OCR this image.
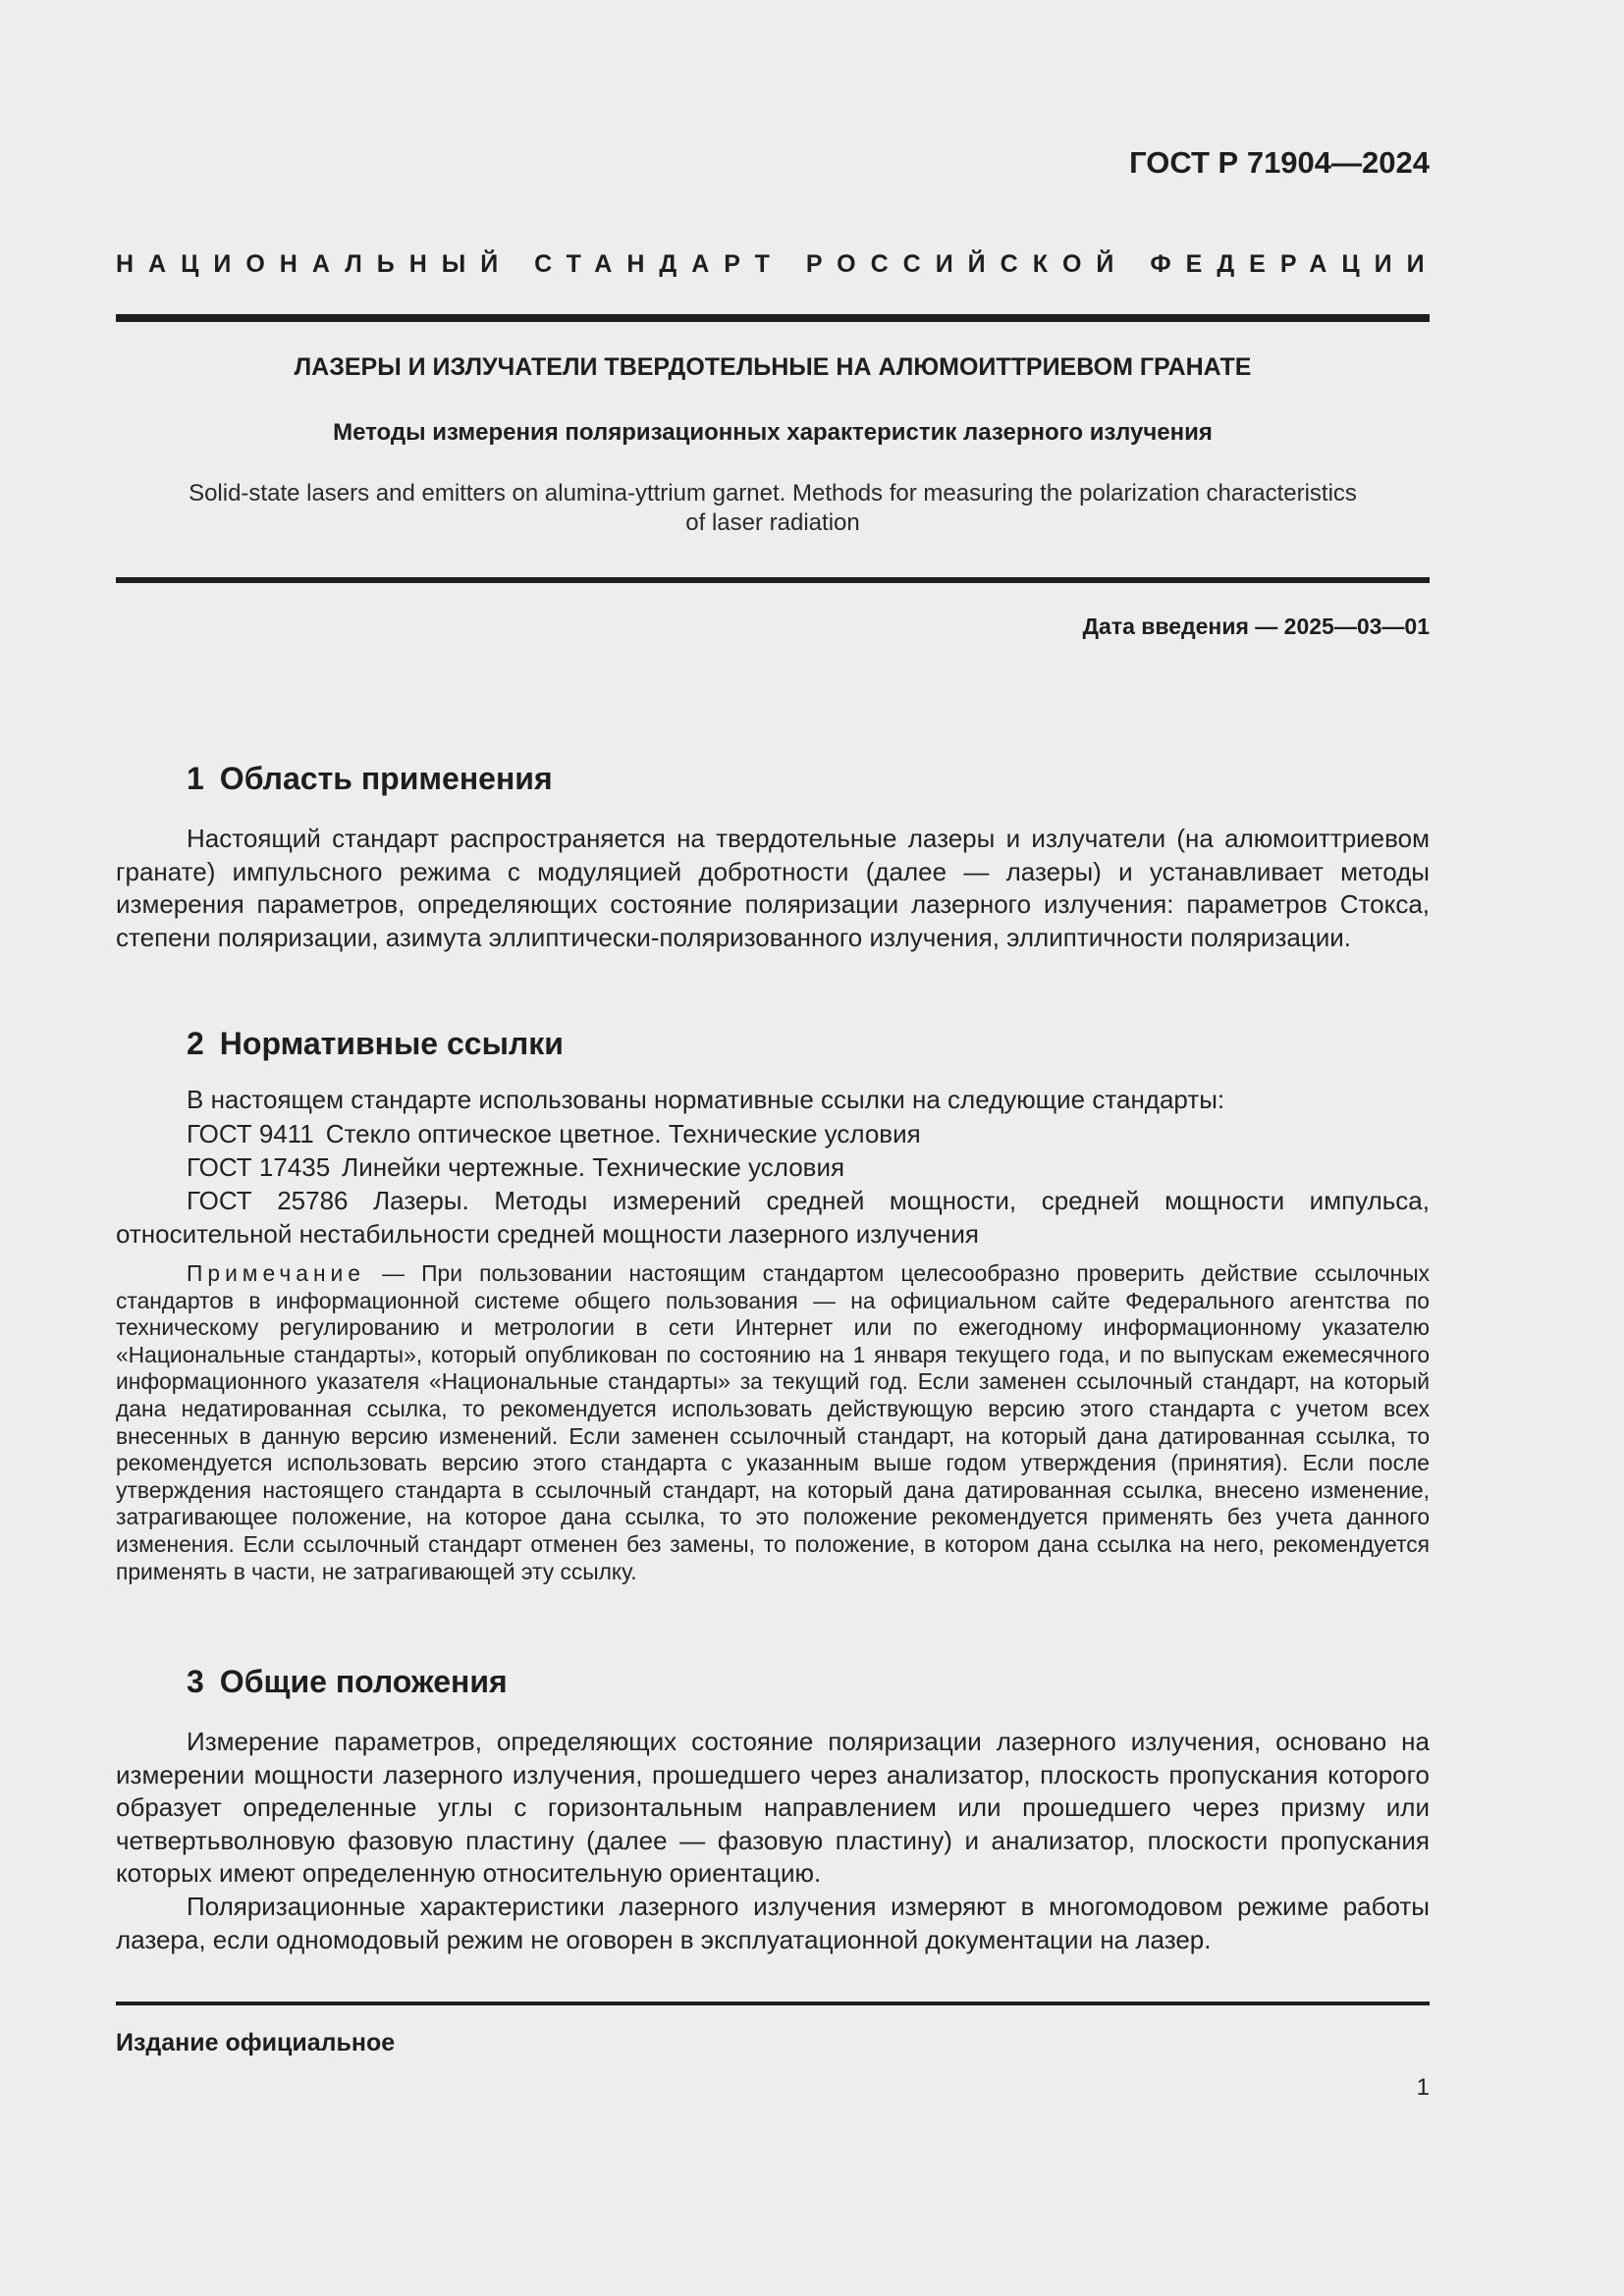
ГОСТ Р 71904—2024
НАЦИОНАЛЬНЫЙ СТАНДАРТ РОССИЙСКОЙ ФЕДЕРАЦИИ
ЛАЗЕРЫ И ИЗЛУЧАТЕЛИ ТВЕРДОТЕЛЬНЫЕ НА АЛЮМОИТТРИЕВОМ ГРАНАТЕ
Методы измерения поляризационных характеристик лазерного излучения
Solid-state lasers and emitters on alumina-yttrium garnet. Methods for measuring the polarization characteristics
of laser radiation
Дата введения — 2025—03—01
1 Область применения

Настоящий стандарт распространяется на твердотельные лазеры и излучатели (на алюмоиттриевом гранате) импульсного режима с модуляцией добротности (далее — лазеры) и устанавливает методы измерения параметров, определяющих состояние поляризации лазерного излучения: параметров Стокса, степени поляризации, азимута эллиптически-поляризованного излучения, эллиптичности поляризации.

2 Нормативные ссылки

В настоящем стандарте использованы нормативные ссылки на следующие стандарты:

ГОСТ 9411 Стекло оптическое цветное. Технические условия
ГОСТ 17435 Линейки чертежные. Технические условия

ГОСТ 25786 Лазеры. Методы измерений средней мощности, средней мощности импульса, относительной нестабильности средней мощности лазерного излучения

Примечание — При пользовании настоящим стандартом целесообразно проверить действие ссылочных стандартов в информационной системе общего пользования — на официальном сайте Федерального агентства по техническому регулированию и метрологии в сети Интернет или по ежегодному информационному указателю «Национальные стандарты», который опубликован по состоянию на 1 января текущего года, и по выпускам ежемесячного информационного указателя «Национальные стандарты» за текущий год. Если заменен ссылочный стандарт, на который дана недатированная ссылка, то рекомендуется использовать действующую версию этого стандарта с учетом всех внесенных в данную версию изменений. Если заменен ссылочный стандарт, на который дана датированная ссылка, то рекомендуется использовать версию этого стандарта с указанным выше годом утверждения (принятия). Если после утверждения настоящего стандарта в ссылочный стандарт, на который дана датированная ссылка, внесено изменение, затрагивающее положение, на которое дана ссылка, то это положение рекомендуется применять без учета данного изменения. Если ссылочный стандарт отменен без замены, то положение, в котором дана ссылка на него, рекомендуется применять в части, не затрагивающей эту ссылку.

3 Общие положения

Измерение параметров, определяющих состояние поляризации лазерного излучения, основано на измерении мощности лазерного излучения, прошедшего через анализатор, плоскость пропускания которого образует определенные углы с горизонтальным направлением или прошедшего через призму или четвертьволновую фазовую пластину (далее — фазовую пластину) и анализатор, плоскости пропускания которых имеют определенную относительную ориентацию.

Поляризационные характеристики лазерного излучения измеряют в многомодовом режиме работы лазера, если одномодовый режим не оговорен в эксплуатационной документации на лазер.

Издание официальное
1
